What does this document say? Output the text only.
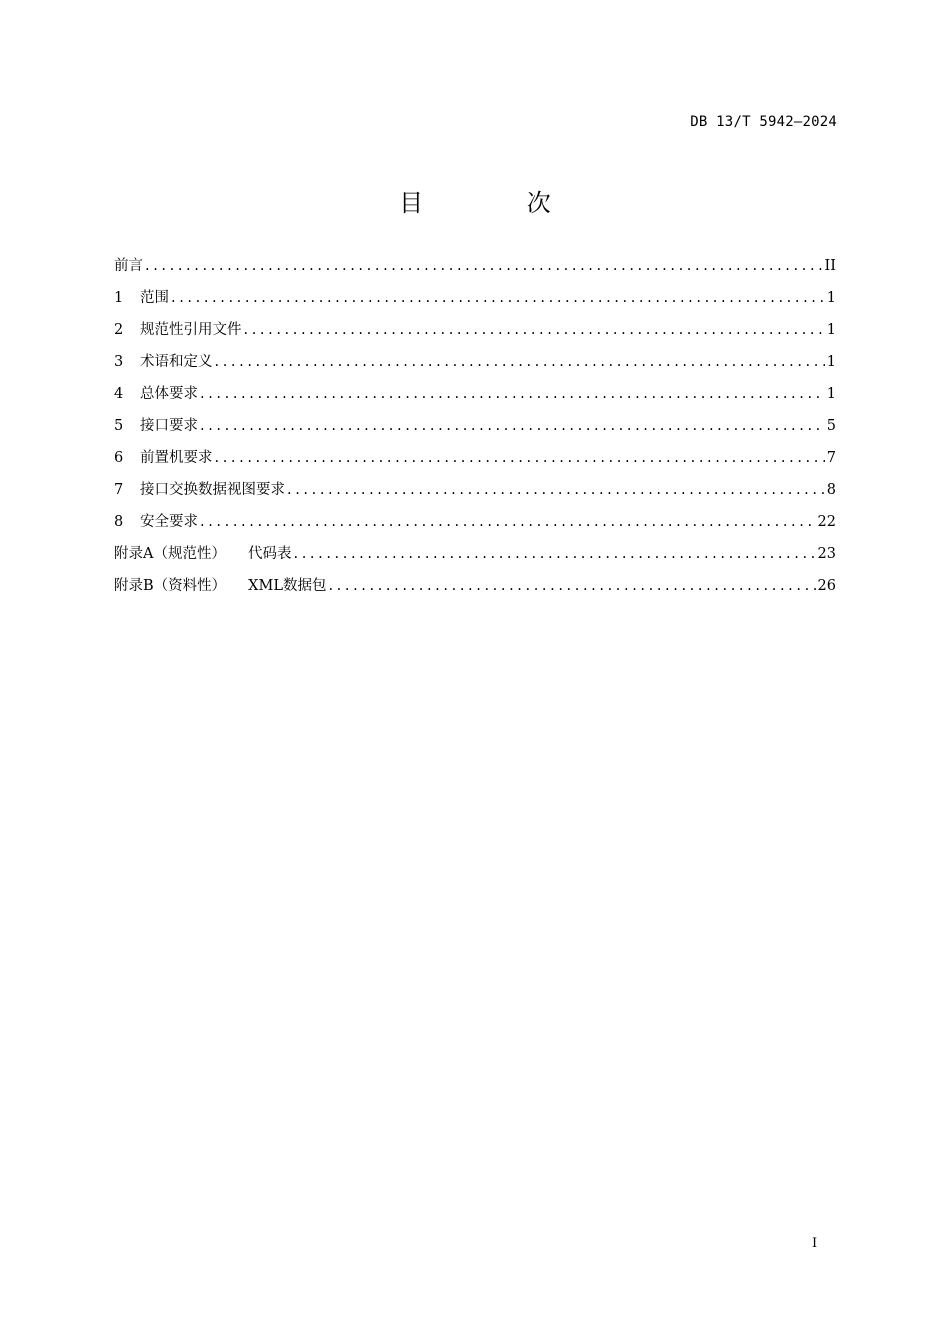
DB 13/T 5942—2024
目 次
前言 .....	II
1 范围 .....	1
2 规范性引用文件 .....	1
3 术语和定义 .....	1
4 总体要求 .....	1
5 接口要求 .....	5
6 前置机要求 .....	7
7 接口交换数据视图要求 .....	8
8 安全要求 .....	22
附录A（规范性） 代码表 .....	23
附录B（资料性） XML数据包 .....	26
I
